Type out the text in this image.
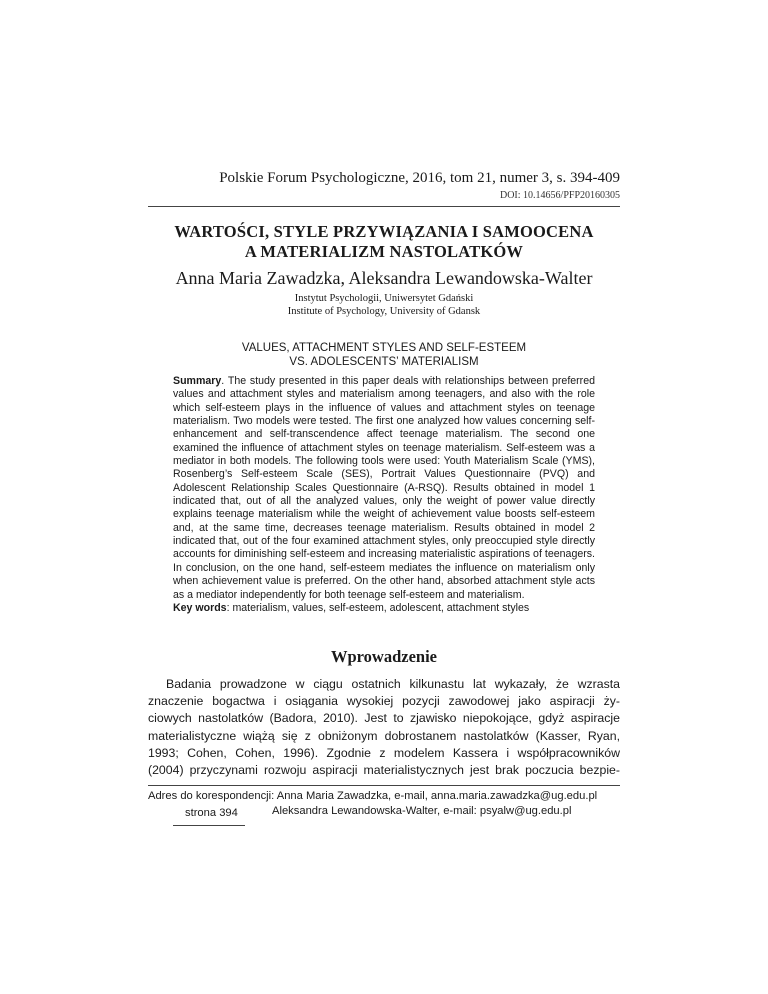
Polskie Forum Psychologiczne, 2016, tom 21, numer 3, s. 394-409
DOI: 10.14656/PFP20160305
WARTOŚCI, STYLE PRZYWIĄZANIA I SAMOOCENA
A MATERIALIZM NASTOLATKÓW
Anna Maria Zawadzka, Aleksandra Lewandowska-Walter
Instytut Psychologii, Uniwersytet Gdański
Institute of Psychology, University of Gdansk
VALUES, ATTACHMENT STYLES AND SELF-ESTEEM
VS. ADOLESCENTS’ MATERIALISM
Summary. The study presented in this paper deals with relationships between preferred values and attachment styles and materialism among teenagers, and also with the role which self-esteem plays in the influence of values and attachment styles on teenage materialism. Two models were tested. The first one analyzed how values concerning self-enhancement and self-transcendence affect teenage materialism. The second one examined the influence of attachment styles on teenage materialism. Self-esteem was a mediator in both models. The following tools were used: Youth Materialism Scale (YMS), Rosenberg’s Self-esteem Scale (SES), Portrait Values Questionnaire (PVQ) and Adolescent Relationship Scales Questionnaire (A-RSQ). Results obtained in model 1 indicated that, out of all the analyzed values, only the weight of power value directly explains teenage materialism while the weight of achievement value boosts self-esteem and, at the same time, decreases teenage materialism. Results obtained in model 2 indicated that, out of the four examined attachment styles, only preoccupied style directly accounts for diminishing self-esteem and increasing materialistic aspirations of teenagers. In conclusion, on the one hand, self-esteem mediates the influence on materialism only when achievement value is preferred. On the other hand, absorbed attachment style acts as a mediator independently for both teenage self-esteem and materialism.
Key words: materialism, values, self-esteem, adolescent, attachment styles
Wprowadzenie
Badania prowadzone w ciągu ostatnich kilkunastu lat wykazały, że wzrasta
znaczenie bogactwa i osiągania wysokiej pozycji zawodowej jako aspiracji ży-
ciowych nastolatków (Badora, 2010). Jest to zjawisko niepokojące, gdyż aspiracje
materialistyczne wiążą się z obniżonym dobrostanem nastolatków (Kasser, Ryan,
1993; Cohen, Cohen, 1996). Zgodnie z modelem Kassera i współpracowników
(2004) przyczynami rozwoju aspiracji materialistycznych jest brak poczucia bezpie-
Adres do korespondencji: Anna Maria Zawadzka, e-mail, anna.maria.zawadzka@ug.edu.pl
Aleksandra Lewandowska-Walter, e-mail: psyalw@ug.edu.pl
strona 394
